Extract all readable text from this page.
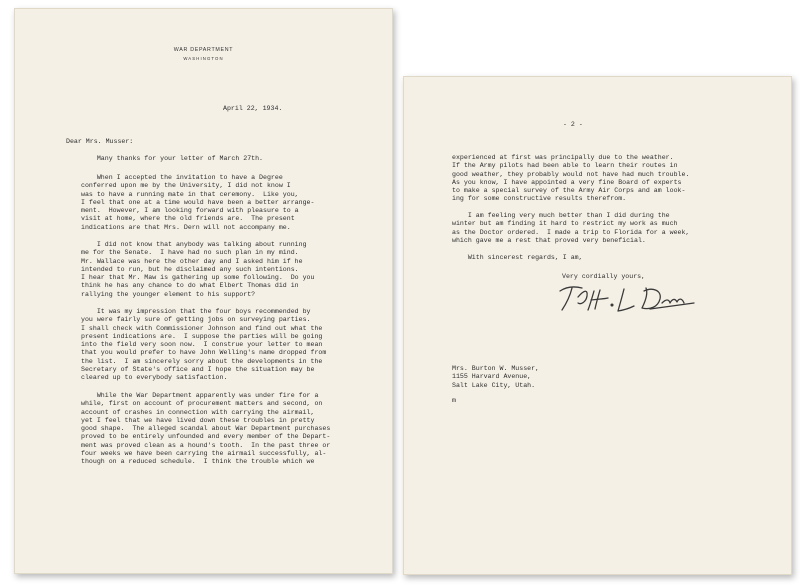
WAR DEPARTMENT
WASHINGTON
April 22, 1934.
Dear Mrs. Musser:
Many thanks for your letter of March 27th.
When I accepted the invitation to have a Degree
conferred upon me by the University, I did not know I
was to have a running mate in that ceremony.  Like you,
I feel that one at a time would have been a better arrange-
ment.  However, I am looking forward with pleasure to a
visit at home, where the old friends are.  The present
indications are that Mrs. Dern will not accompany me.
I did not know that anybody was talking about running
me for the Senate.  I have had no such plan in my mind.
Mr. Wallace was here the other day and I asked him if he
intended to run, but he disclaimed any such intentions.
I hear that Mr. Maw is gathering up some following.  Do you
think he has any chance to do what Elbert Thomas did in
rallying the younger element to his support?
It was my impression that the four boys recommended by
you were fairly sure of getting jobs on surveying parties.
I shall check with Commissioner Johnson and find out what the
present indications are.  I suppose the parties will be going
into the field very soon now.  I construe your letter to mean
that you would prefer to have John Welling's name dropped from
the list.  I am sincerely sorry about the developments in the
Secretary of State's office and I hope the situation may be
cleared up to everybody satisfaction.
While the War Department apparently was under fire for a
while, first on account of procurement matters and second, on
account of crashes in connection with carrying the airmail,
yet I feel that we have lived down these troubles in pretty
good shape.  The alleged scandal about War Department purchases
proved to be entirely unfounded and every member of the Depart-
ment was proved clean as a hound's tooth.  In the past three or
four weeks we have been carrying the airmail successfully, al-
though on a reduced schedule.  I think the trouble which we
- 2 -
experienced at first was principally due to the weather.
If the Army pilots had been able to learn their routes in
good weather, they probably would not have had much trouble.
As you know, I have appointed a very fine Board of experts
to make a special survey of the Army Air Corps and am look-
ing for some constructive results therefrom.
I am feeling very much better than I did during the
winter but am finding it hard to restrict my work as much
as the Doctor ordered.  I made a trip to Florida for a week,
which gave me a rest that proved very beneficial.
With sincerest regards, I am,
Very cordially yours,
Mrs. Burton W. Musser,
1155 Harvard Avenue,
Salt Lake City, Utah.
m
